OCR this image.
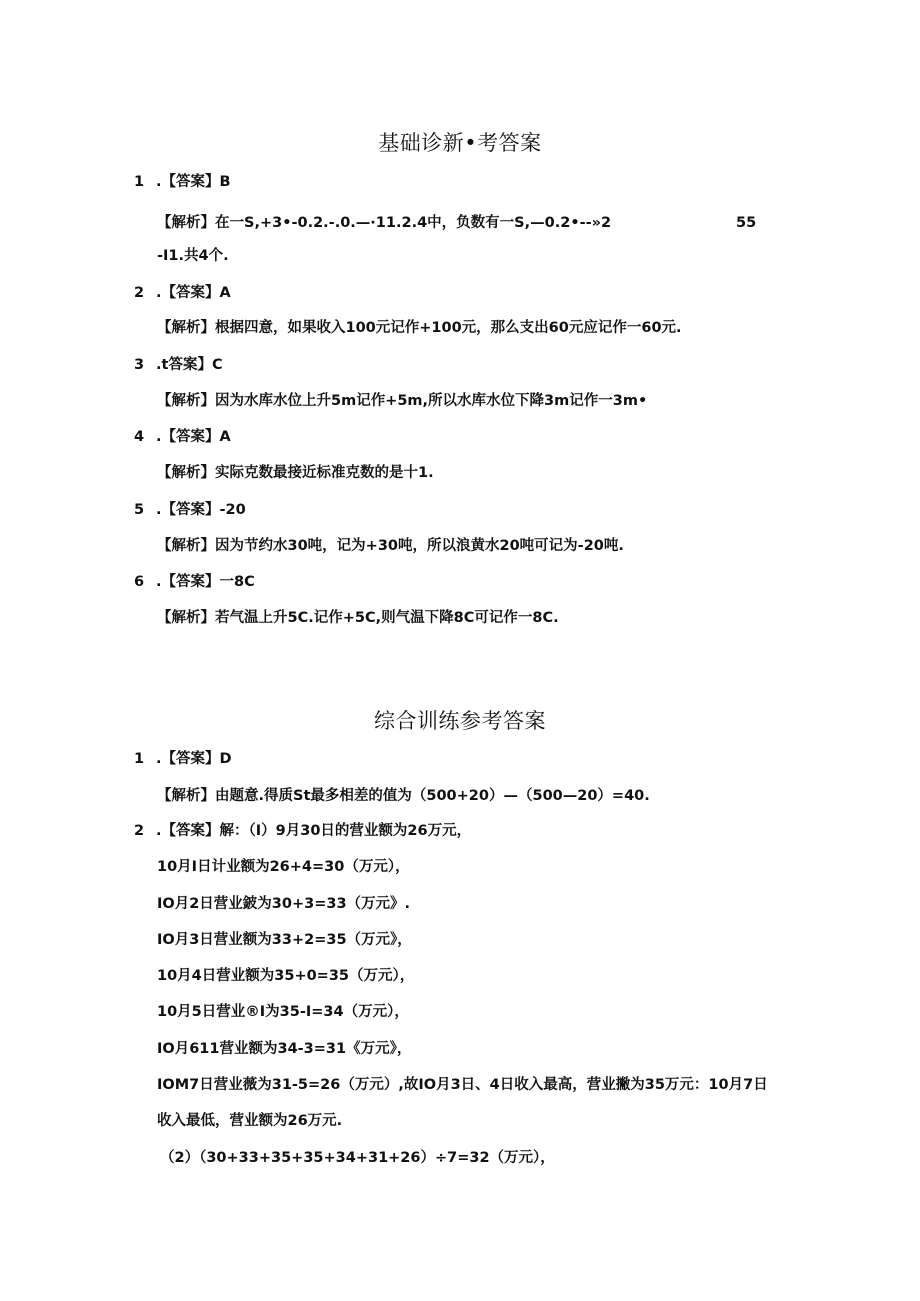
基础诊新•考答案
1 .【答案】B
【解析】在一S,+3•-0.2.-.0.—·11.2.4中，负数有一S,—0.2•--»2	55
-I1.共4个.
2 .【答案】A
【解析】根据四意，如果收入100元记作+100元，那么支出60元应记作一60元.
3 .t答案】C
【解析】因为水库水位上升5m记作+5m,所以水库水位下降3m记作一3m•
4 .【答案】A
【解析】实际克数最接近标准克数的是十1.
5 .【答案】-20
【解析】因为节约水30吨，记为+30吨，所以浪黄水20吨可记为-20吨.
6 .【答案】一8C
【解析】若气温上升5C.记作+5C,则气温下降8C可记作一8C.
综合训练参考答案
1 .【答案】D
【解析】由题意.得质St最多相差的值为（500+20）—（500—20）=40.
2 .【答案】解：（I）9月30日的营业额为26万元，
10月I日计业额为26+4=30（万元），
IO月2日营业鈹为30+3=33（万元》.
IO月3日营业额为33+2=35（万元》，
10月4日营业额为35+0=35（万元），
10月5日营业®I为35-I=34（万元），
IO月611营业额为34-3=31《万元》，
IOM7日营业薇为31-5=26（万元）,故IO月3日、4日收入最高，营业撇为35万元：10月7日
收入最低，营业额为26万元.
（2）（30+33+35+35+34+31+26）÷7=32（万元），
